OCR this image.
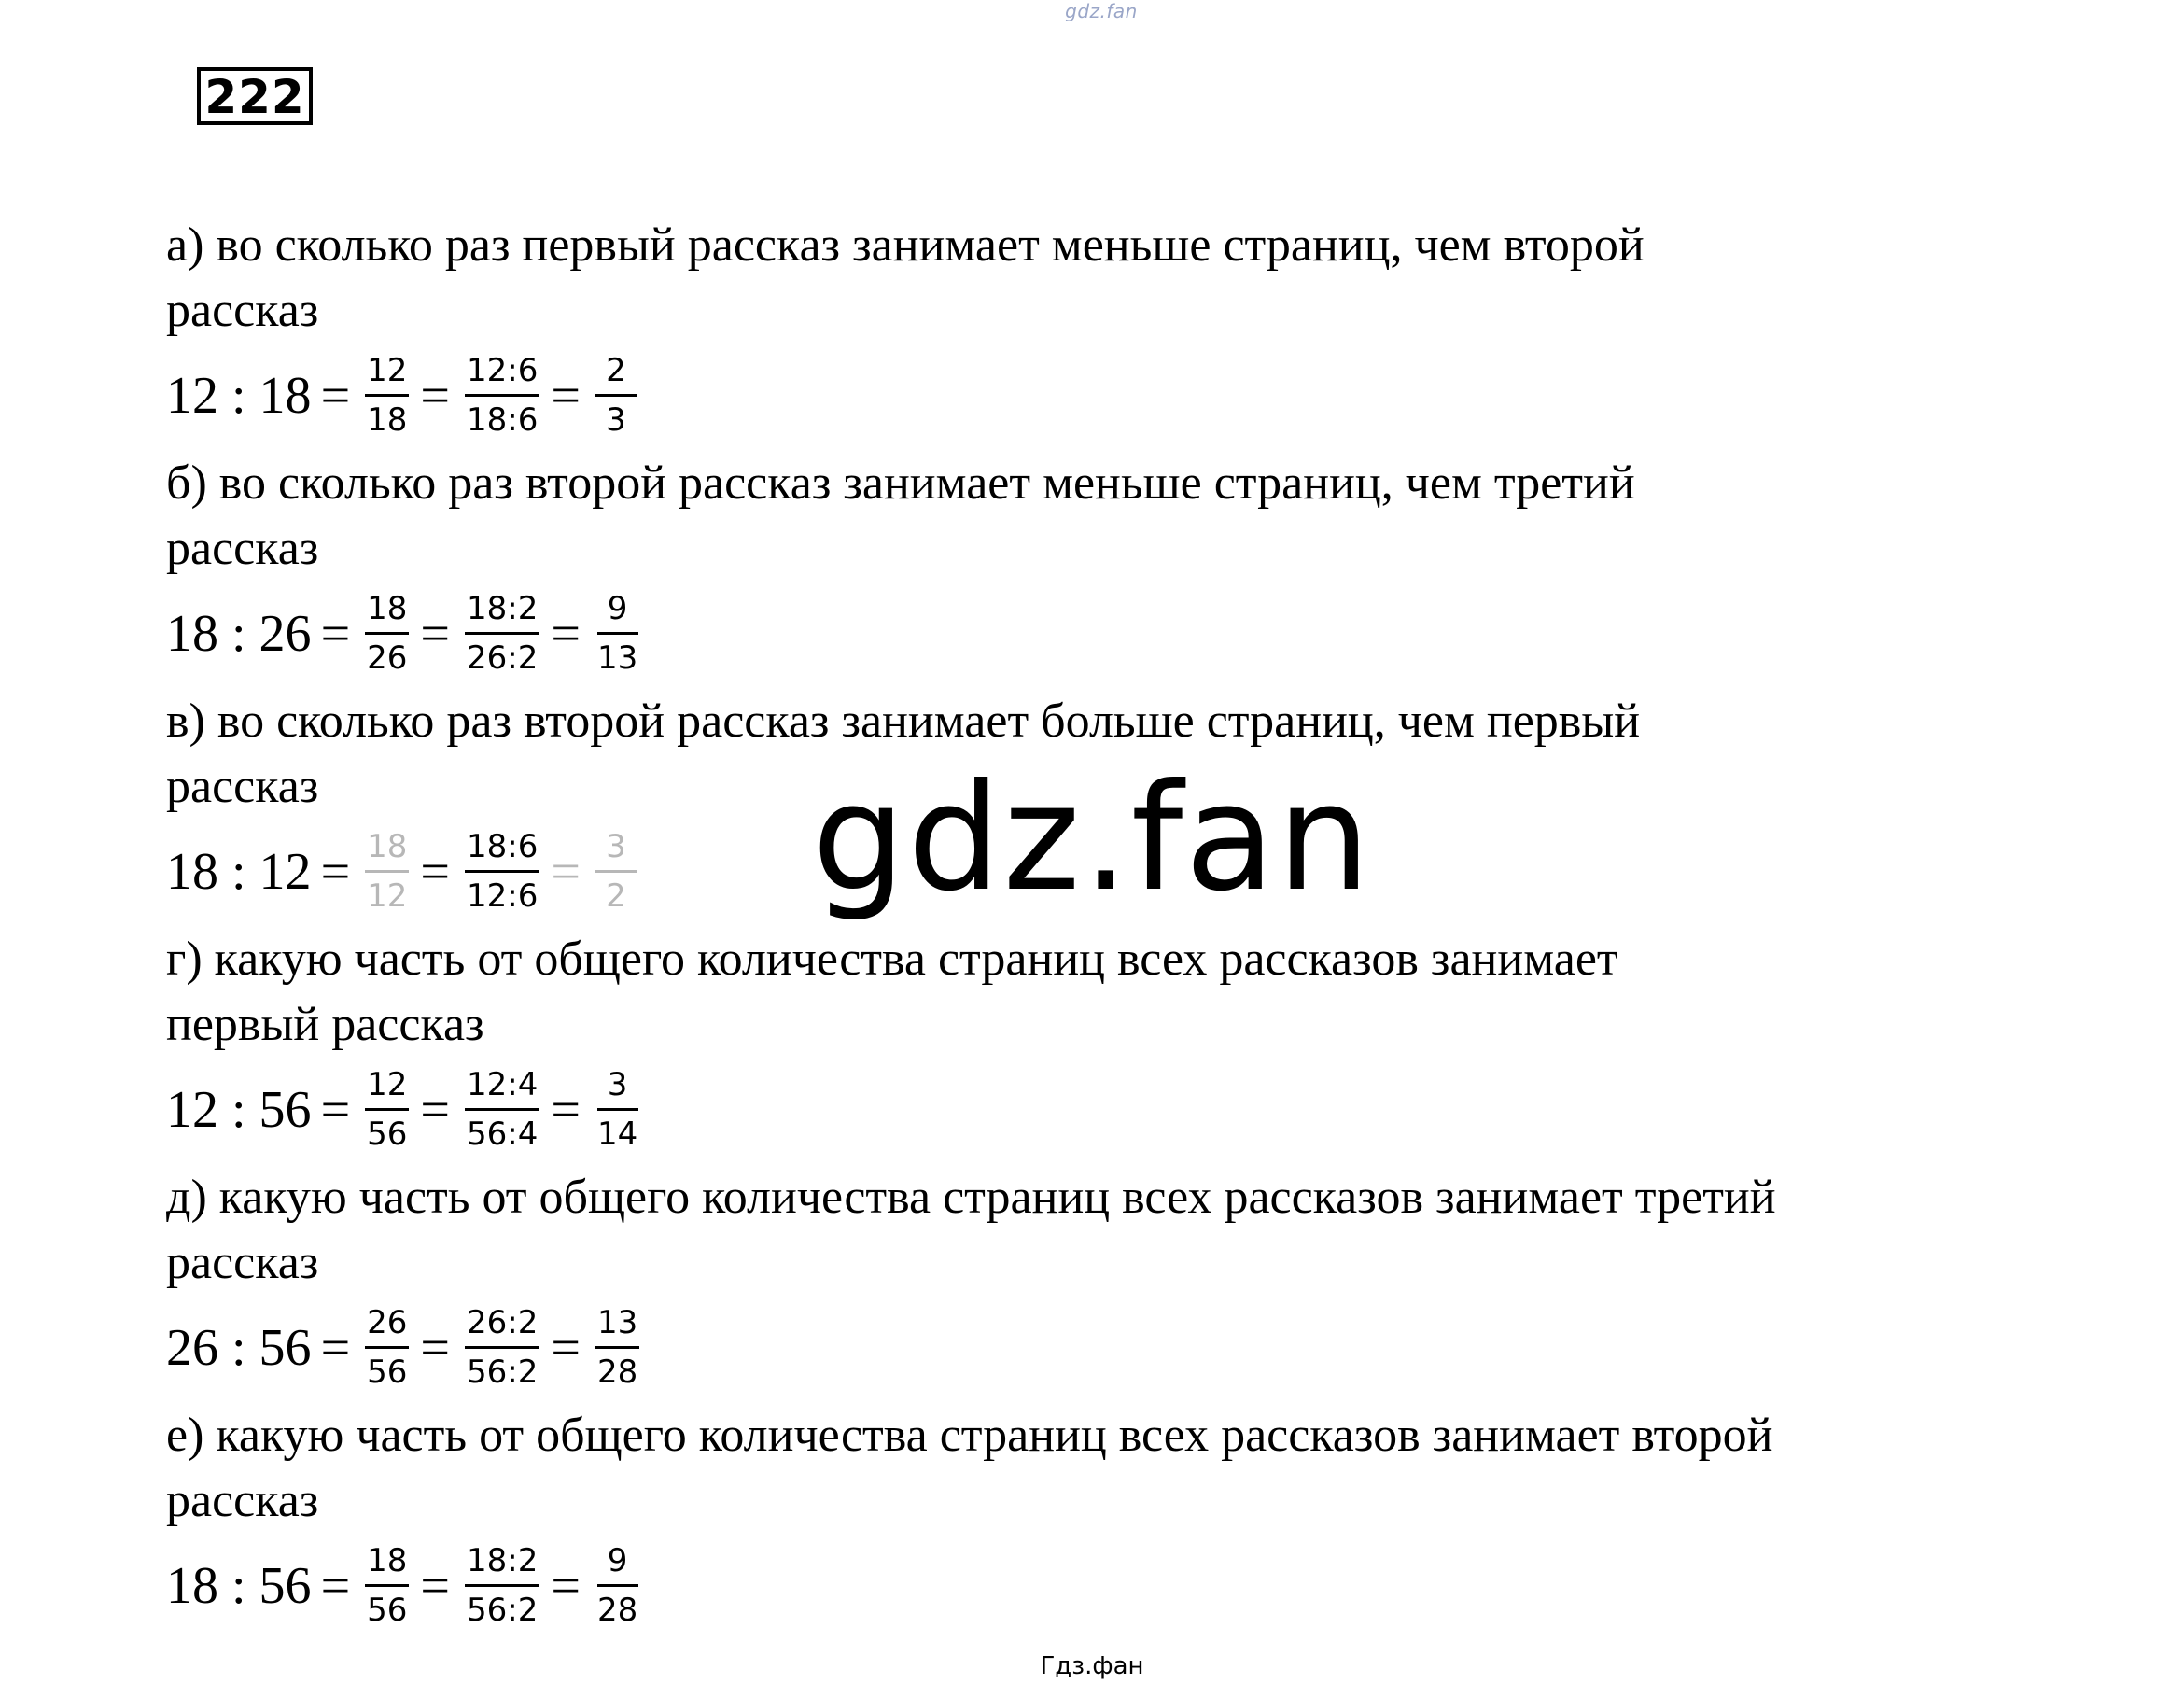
gdz.fan
222

а) во сколько раз первый рассказ занимает меньше страниц, чем второй
рассказ

12 : $18 = \frac{12}{18} = \frac{12:6}{18:6} = \frac{2}{3}$

б) во сколько раз второй рассказ занимает меньше страниц, чем третий
рассказ

18 : $26 = \frac{18}{26} = \frac{18:2}{26:2} = \frac{9}{13}$

в) во сколько раз второй рассказ занимает больше страниц, чем первый
рассказ

18 : $12 = \frac{18}{12} = \frac{18:6}{12:6} = \frac{3}{2}$

г) какую часть от общего количества страниц всех рассказов занимает
первый рассказ

12 : $56 = \frac{12}{56} = \frac{12:4}{56:4} = \frac{3}{14}$

д) какую часть от общего количества страниц всех рассказов занимает третий
рассказ

26 : $56 = \frac{26}{56} = \frac{26:2}{56:2} = \frac{13}{28}$

е) какую часть от общего количества страниц всех рассказов занимает второй
рассказ

18 : $56 = \frac{18}{56} = \frac{18:2}{56:2} = \frac{9}{28}$
gdz.fan
Гдз.фан
